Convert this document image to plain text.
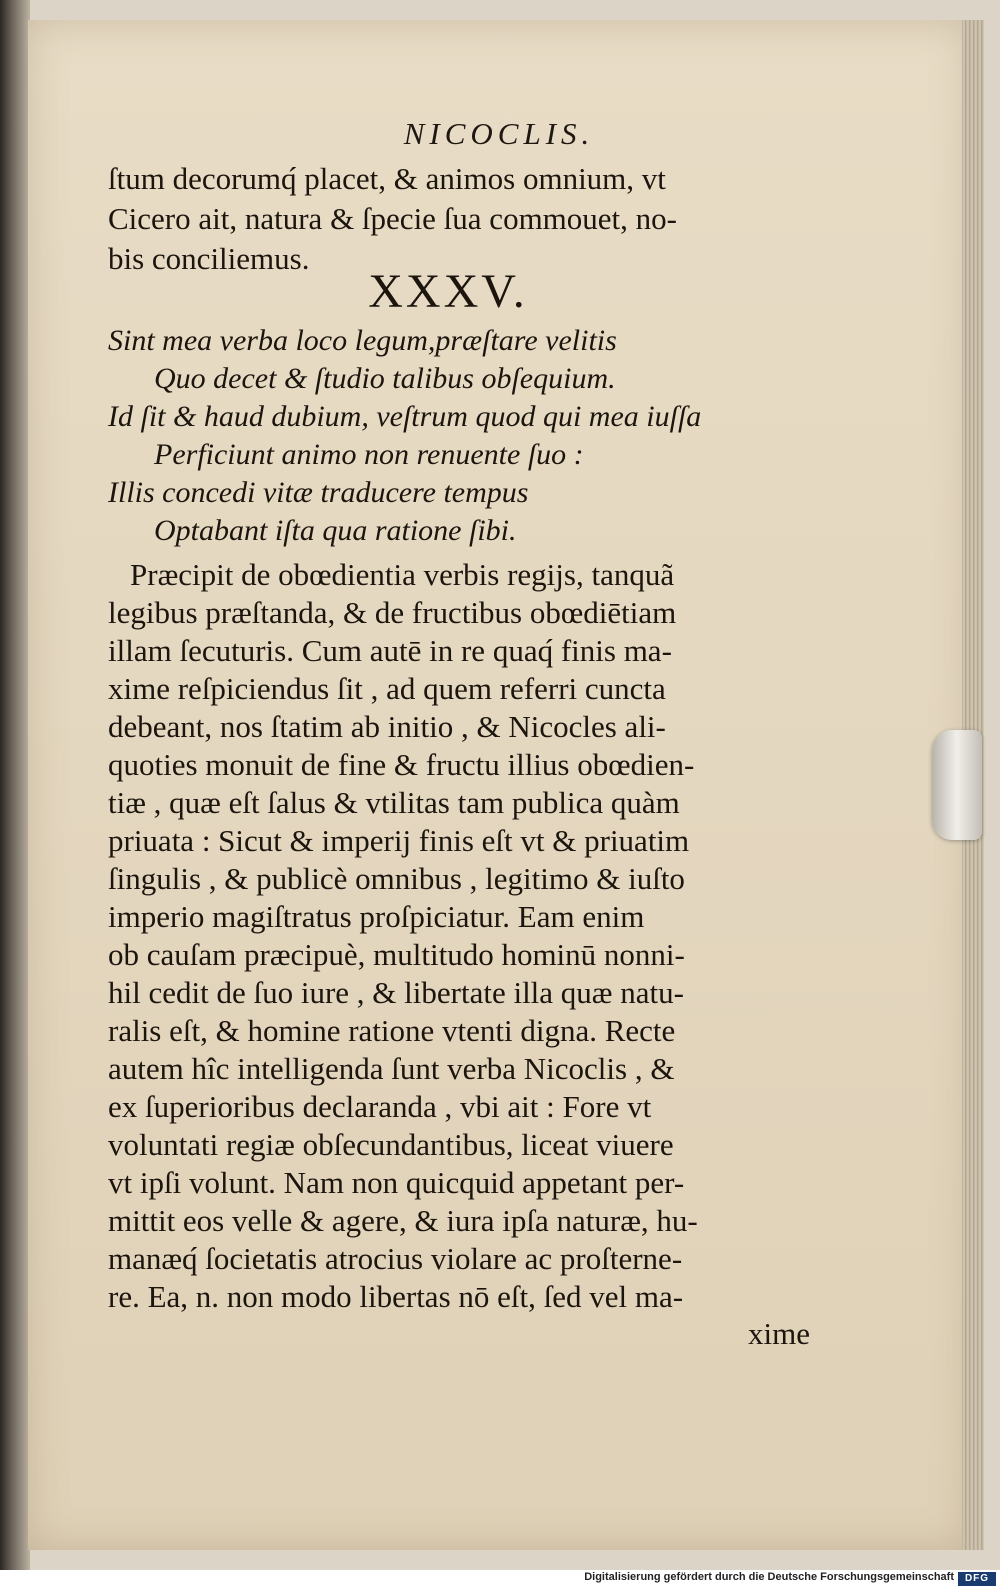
NICOCLIS.
ſtum decorumq́ placet, & animos omnium, vt
Cicero ait, natura & ſpecie ſua commouet, no-
bis conciliemus.
XXXV.
Sint mea verba loco legum,præſtare velitis
Quo decet & ſtudio talibus obſequium.
Id ſit & haud dubium, veſtrum quod qui mea iuſſa
Perficiunt animo non renuente ſuo :
Illis concedi vitæ traducere tempus
Optabant iſta qua ratione ſibi.
Præcipit de obœdientia verbis regijs, tanquã
legibus præſtanda, & de fructibus obœdiētiam
illam ſecuturis. Cum autē in re quaq́ finis ma-
xime reſpiciendus ſit , ad quem referri cuncta
debeant, nos ſtatim ab initio , & Nicocles ali-
quoties monuit de fine & fructu illius obœdien-
tiæ , quæ eſt ſalus & vtilitas tam publica quàm
priuata : Sicut & imperij finis eſt vt & priuatim
ſingulis , & publicè omnibus , legitimo & iuſto
imperio magiſtratus proſpiciatur. Eam enim
ob cauſam præcipuè, multitudo hominū nonni-
hil cedit de ſuo iure , & libertate illa quæ natu-
ralis eſt, & homine ratione vtenti digna. Recte
autem hîc intelligenda ſunt verba Nicoclis , &
ex ſuperioribus declaranda , vbi ait : Fore vt
voluntati regiæ obſecundantibus, liceat viuere
vt ipſi volunt. Nam non quicquid appetant per-
mittit eos velle & agere, & iura ipſa naturæ, hu-
manæq́ ſocietatis atrocius violare ac proſterne-
re. Ea, n. non modo libertas nō eſt, ſed vel ma-
xime
Digitalisierung gefördert durch die Deutsche Forschungsgemeinschaft	DFG
